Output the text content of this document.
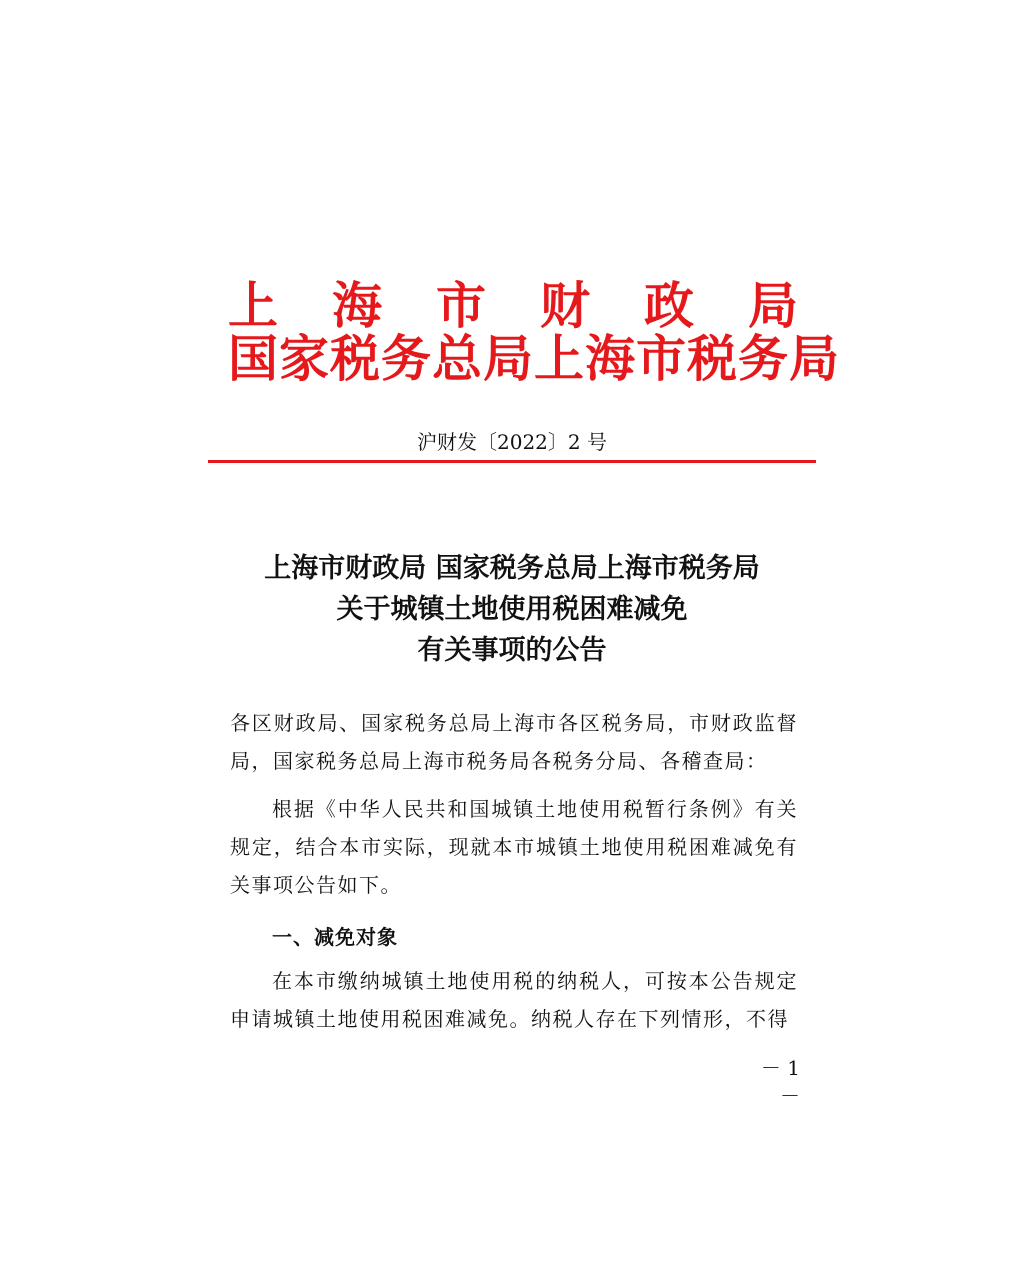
上 海 市 财 政 局
国家税务总局上海市税务局
沪财发〔2022〕2 号
上海市财政局 国家税务总局上海市税务局
关于城镇土地使用税困难减免
有关事项的公告

各区财政局、国家税务总局上海市各区税务局，市财政监督局，国家税务总局上海市税务局各税务分局、各稽查局：

根据《中华人民共和国城镇土地使用税暂行条例》有关规定，结合本市实际，现就本市城镇土地使用税困难减免有关事项公告如下。

一、减免对象

在本市缴纳城镇土地使用税的纳税人，可按本公告规定申请城镇土地使用税困难减免。纳税人存在下列情形，不得

－ 1 －
